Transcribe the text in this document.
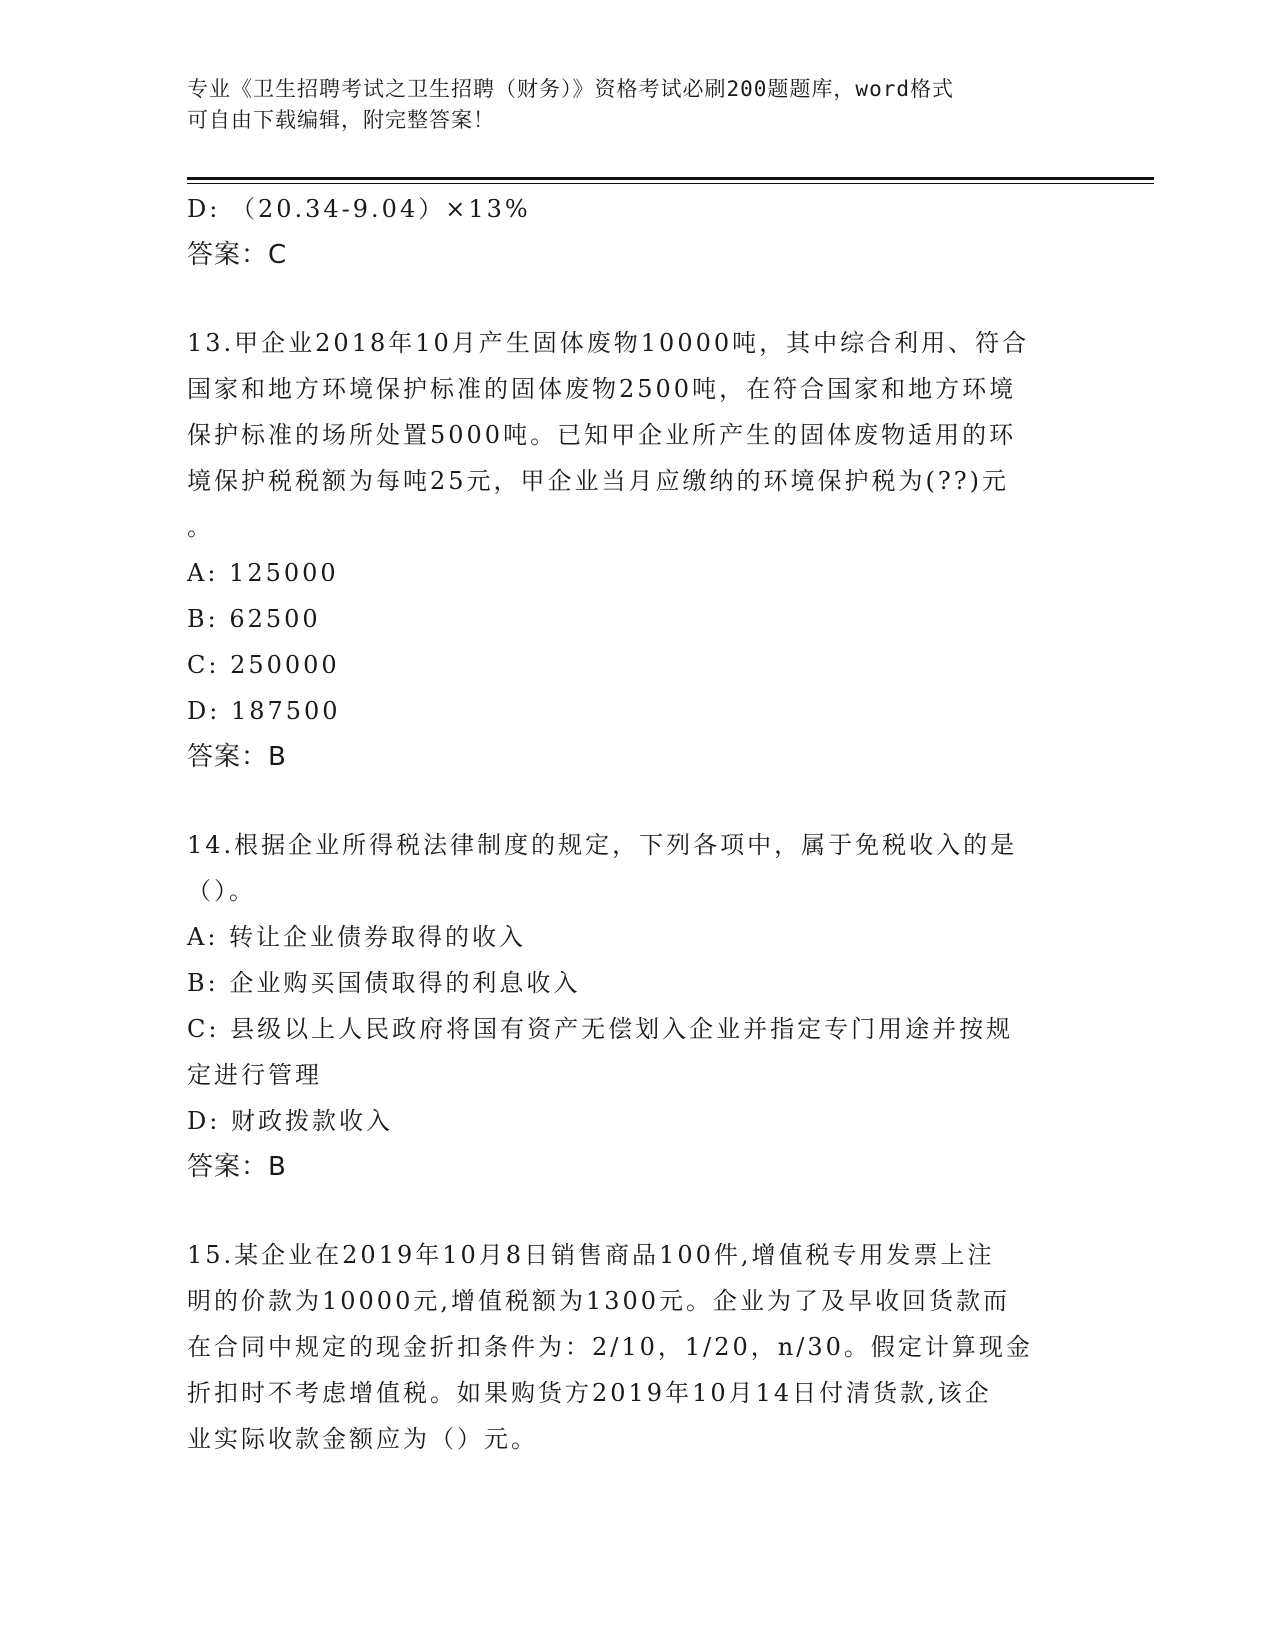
专业《卫生招聘考试之卫生招聘（财务）》资格考试必刷200题题库，word格式
可自由下载编辑，附完整答案！
D: （20.34-9.04）×13%
答案：C
13.甲企业2018年10月产生固体废物10000吨，其中综合利用、符合
国家和地方环境保护标准的固体废物2500吨，在符合国家和地方环境
保护标准的场所处置5000吨。已知甲企业所产生的固体废物适用的环
境保护税税额为每吨25元，甲企业当月应缴纳的环境保护税为(??)元
。
A: 125000
B: 62500
C: 250000
D: 187500
答案：B
14.根据企业所得税法律制度的规定，下列各项中，属于免税收入的是
（）。
A: 转让企业债券取得的收入
B: 企业购买国债取得的利息收入
C: 县级以上人民政府将国有资产无偿划入企业并指定专门用途并按规
定进行管理
D: 财政拨款收入
答案：B
15.某企业在2019年10月8日销售商品100件,增值税专用发票上注
明的价款为10000元,增值税额为1300元。企业为了及早收回货款而
在合同中规定的现金折扣条件为：2/10，1/20，n/30。假定计算现金
折扣时不考虑增值税。如果购货方2019年10月14日付清货款,该企
业实际收款金额应为（）元。
